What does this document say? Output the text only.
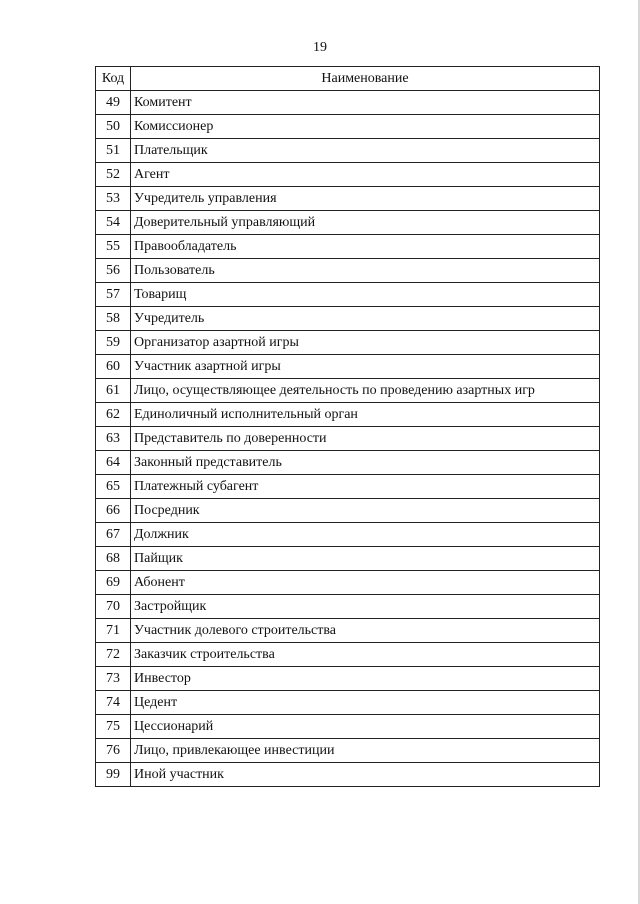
19
Код	Наименование
49	Комитент
50	Комиссионер
51	Плательщик
52	Агент
53	Учредитель управления
54	Доверительный управляющий
55	Правообладатель
56	Пользователь
57	Товарищ
58	Учредитель
59	Организатор азартной игры
60	Участник азартной игры
61	Лицо, осуществляющее деятельность по проведению азартных игр
62	Единоличный исполнительный орган
63	Представитель по доверенности
64	Законный представитель
65	Платежный субагент
66	Посредник
67	Должник
68	Пайщик
69	Абонент
70	Застройщик
71	Участник долевого строительства
72	Заказчик строительства
73	Инвестор
74	Цедент
75	Цессионарий
76	Лицо, привлекающее инвестиции
99	Иной участник
